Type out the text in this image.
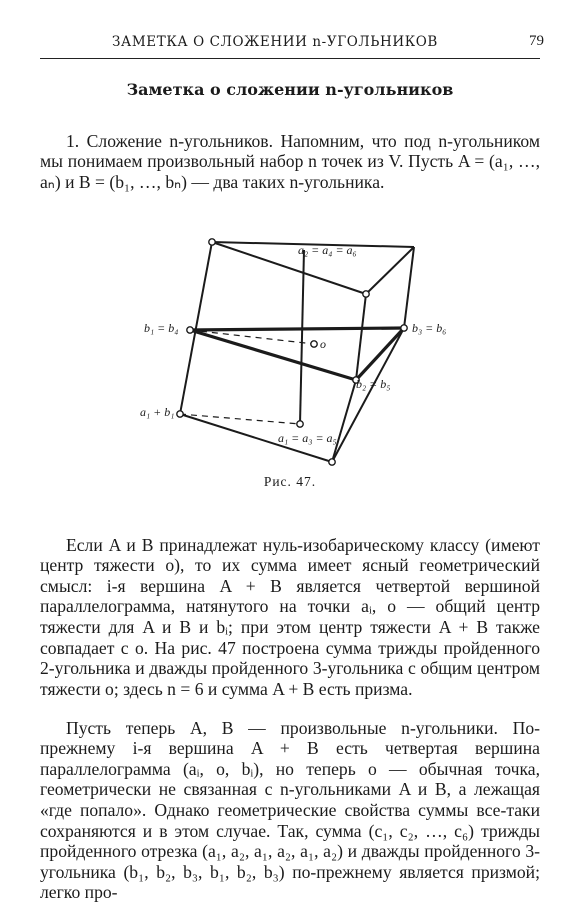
ЗАМЕТКА О СЛОЖЕНИИ n-УГОЛЬНИКОВ	79
Заметка о сложении n-угольников

1. Сложение n-угольников. Напомним, что под n-угольником мы понимаем произвольный набор n точек из V. Пусть A = (a₁, …, aₙ) и B = (b₁, …, bₙ) — два таких n-угольника.

a₂ = a₄ = a₆
b₁ = b₄	b₃ = b₆
o
b₂ = b₅
a₁ + b₁
a₁ = a₃ = a₅
Рис. 47.

Если A и B принадлежат нуль-изобарическому классу (имеют центр тяжести o), то их сумма имеет ясный геометрический смысл: i-я вершина A + B является четвертой вершиной параллелограмма, натянутого на точки aᵢ, o — общий центр тяжести для A и B и bᵢ; при этом центр тяжести A + B также совпадает с o. На рис. 47 построена сумма трижды пройденного 2-угольника и дважды пройденного 3-угольника с общим центром тяжести o; здесь n = 6 и сумма A + B есть призма.

Пусть теперь A, B — произвольные n-угольники. По-прежнему i-я вершина A + B есть четвертая вершина параллелограмма (aᵢ, o, bᵢ), но теперь o — обычная точка, геометрически не связанная с n-угольниками A и B, а лежащая «где попало». Однако геометрические свойства суммы все-таки сохраняются и в этом случае. Так, сумма (c₁, c₂, …, c₆) трижды пройденного отрезка (a₁, a₂, a₁, a₂, a₁, a₂) и дважды пройденного 3-угольника (b₁, b₂, b₃, b₁, b₂, b₃) по-прежнему является призмой; легко про-
